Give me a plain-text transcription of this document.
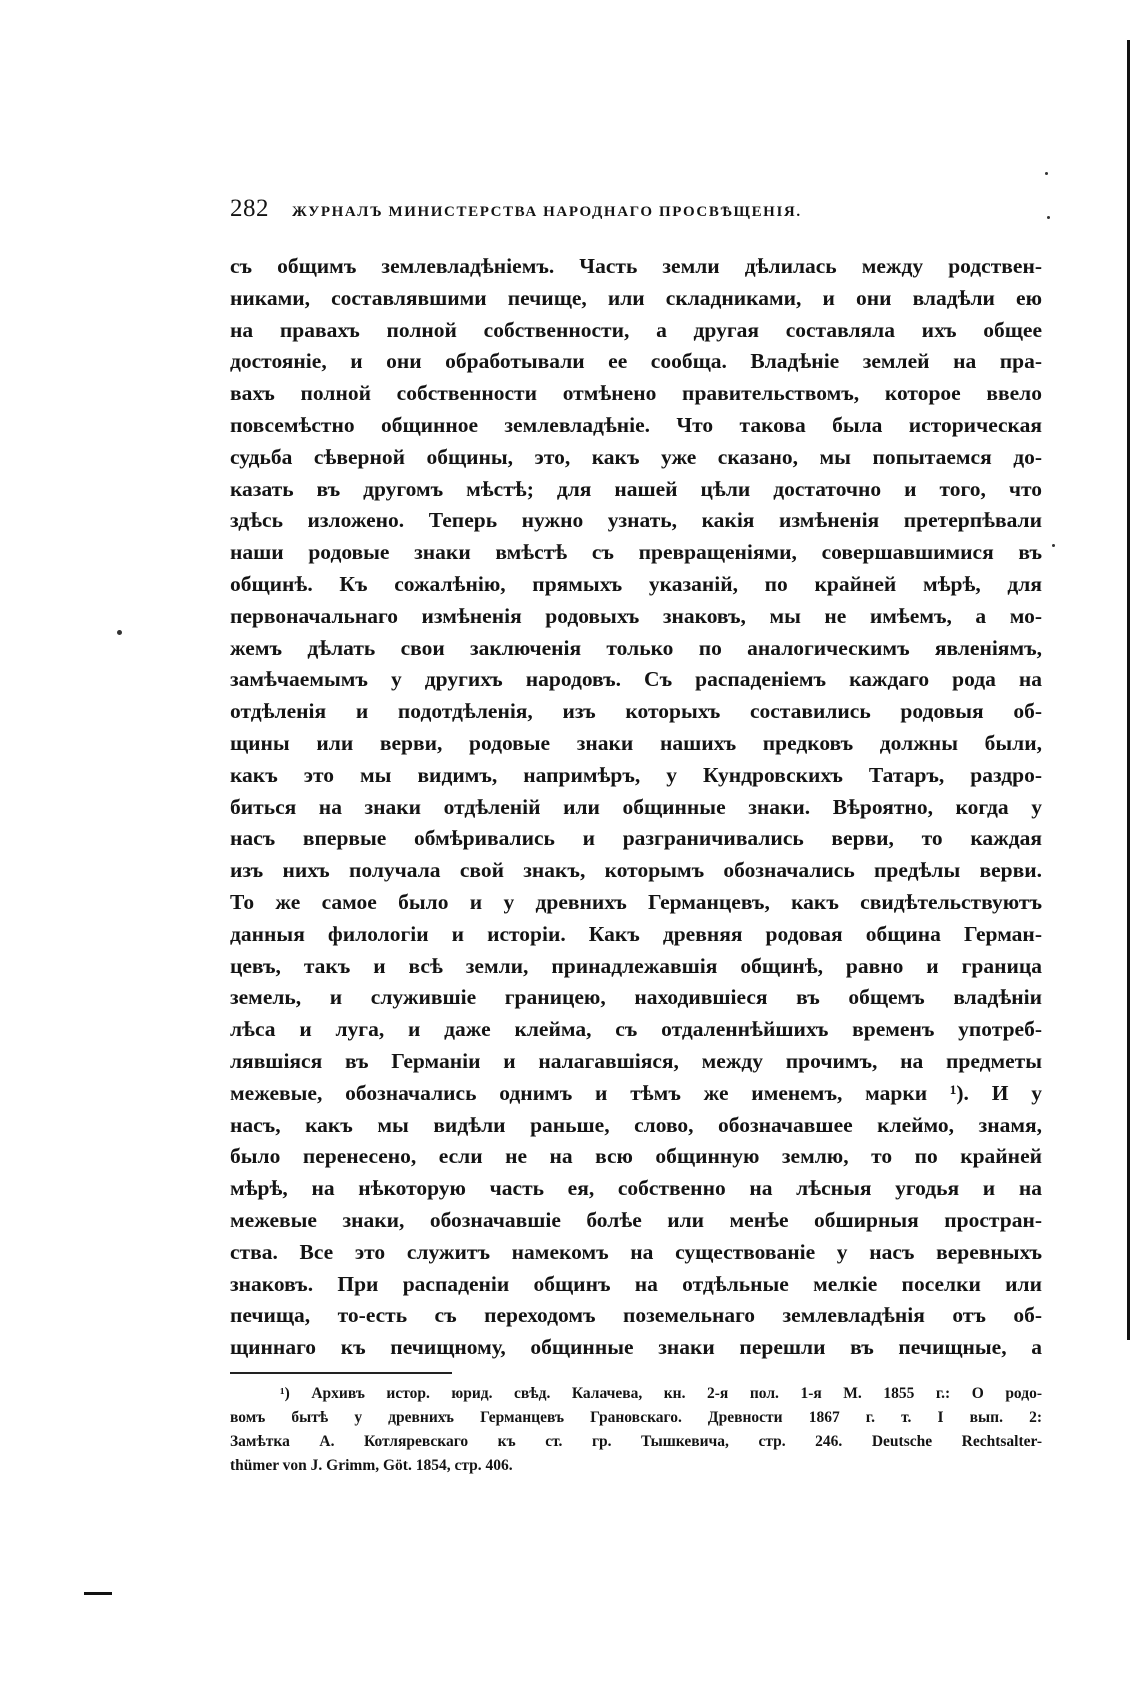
282	ЖУРНАЛЪ МИНИСТЕРСТВА НАРОДНАГО ПРОСВѢЩЕНІЯ.
съ общимъ землевладѣніемъ. Часть земли дѣлилась между родствен-
никами, составлявшими печище, или складниками, и они владѣли ею
на правахъ полной собственности, а другая составляла ихъ общее
достояніе, и они обработывали ее сообща. Владѣніе землей на пра-
вахъ полной собственности отмѣнено правительствомъ, которое ввело
повсемѣстно общинное землевладѣніе. Что такова была историческая
судьба сѣверной общины, это, какъ уже сказано, мы попытаемся до-
казать въ другомъ мѣстѣ; для нашей цѣли достаточно и того, что
здѣсь изложено. Теперь нужно узнать, какія измѣненія претерпѣвали
наши родовые знаки вмѣстѣ съ превращеніями, совершавшимися въ
общинѣ. Къ сожалѣнію, прямыхъ указаній, по крайней мѣрѣ, для
первоначальнаго измѣненія родовыхъ знаковъ, мы не имѣемъ, а мо-
жемъ дѣлать свои заключенія только по аналогическимъ явленіямъ,
замѣчаемымъ у другихъ народовъ. Съ распаденіемъ каждаго рода на
отдѣленія и подотдѣленія, изъ которыхъ составились родовыя об-
щины или верви, родовые знаки нашихъ предковъ должны были,
какъ это мы видимъ, напримѣръ, у Кундровскихъ Татаръ, раздро-
биться на знаки отдѣленій или общинные знаки. Вѣроятно, когда у
насъ впервые обмѣривались и разграничивались верви, то каждая
изъ нихъ получала свой знакъ, которымъ обозначались предѣлы верви.
То же самое было и у древнихъ Германцевъ, какъ свидѣтельствуютъ
данныя филологіи и исторіи. Какъ древняя родовая община Герман-
цевъ, такъ и всѣ земли, принадлежавшія общинѣ, равно и граница
земель, и служившіе границею, находившіеся въ общемъ владѣніи
лѣса и луга, и даже клейма, съ отдаленнѣйшихъ временъ употреб-
лявшіяся въ Германіи и налагавшіяся, между прочимъ, на предметы
межевые, обозначались однимъ и тѣмъ же именемъ, марки ¹). И у
насъ, какъ мы видѣли раньше, слово, обозначавшее клеймо, знамя,
было перенесено, если не на всю общинную землю, то по крайней
мѣрѣ, на нѣкоторую часть ея, собственно на лѣсныя угодья и на
межевые знаки, обозначавшіе болѣе или менѣе обширныя простран-
ства. Все это служитъ намекомъ на существованіе у насъ веревныхъ
знаковъ. При распаденіи общинъ на отдѣльные мелкіе поселки или
печища, то-есть съ переходомъ поземельнаго землевладѣнія отъ об-
щиннаго къ печищному, общинные знаки перешли въ печищные, а
¹) Архивъ истор. юрид. свѣд. Калачева, кн. 2-я пол. 1-я М. 1855 г.: О родо-
вомъ бытѣ у древнихъ Германцевъ Грановскаго. Древности 1867 г. т. I вып. 2:
Замѣтка А. Котляревскаго къ ст. гр. Тышкевича, стр. 246. Deutsche Rechtsalter-
thümer von J. Grimm, Göt. 1854, стр. 406.
